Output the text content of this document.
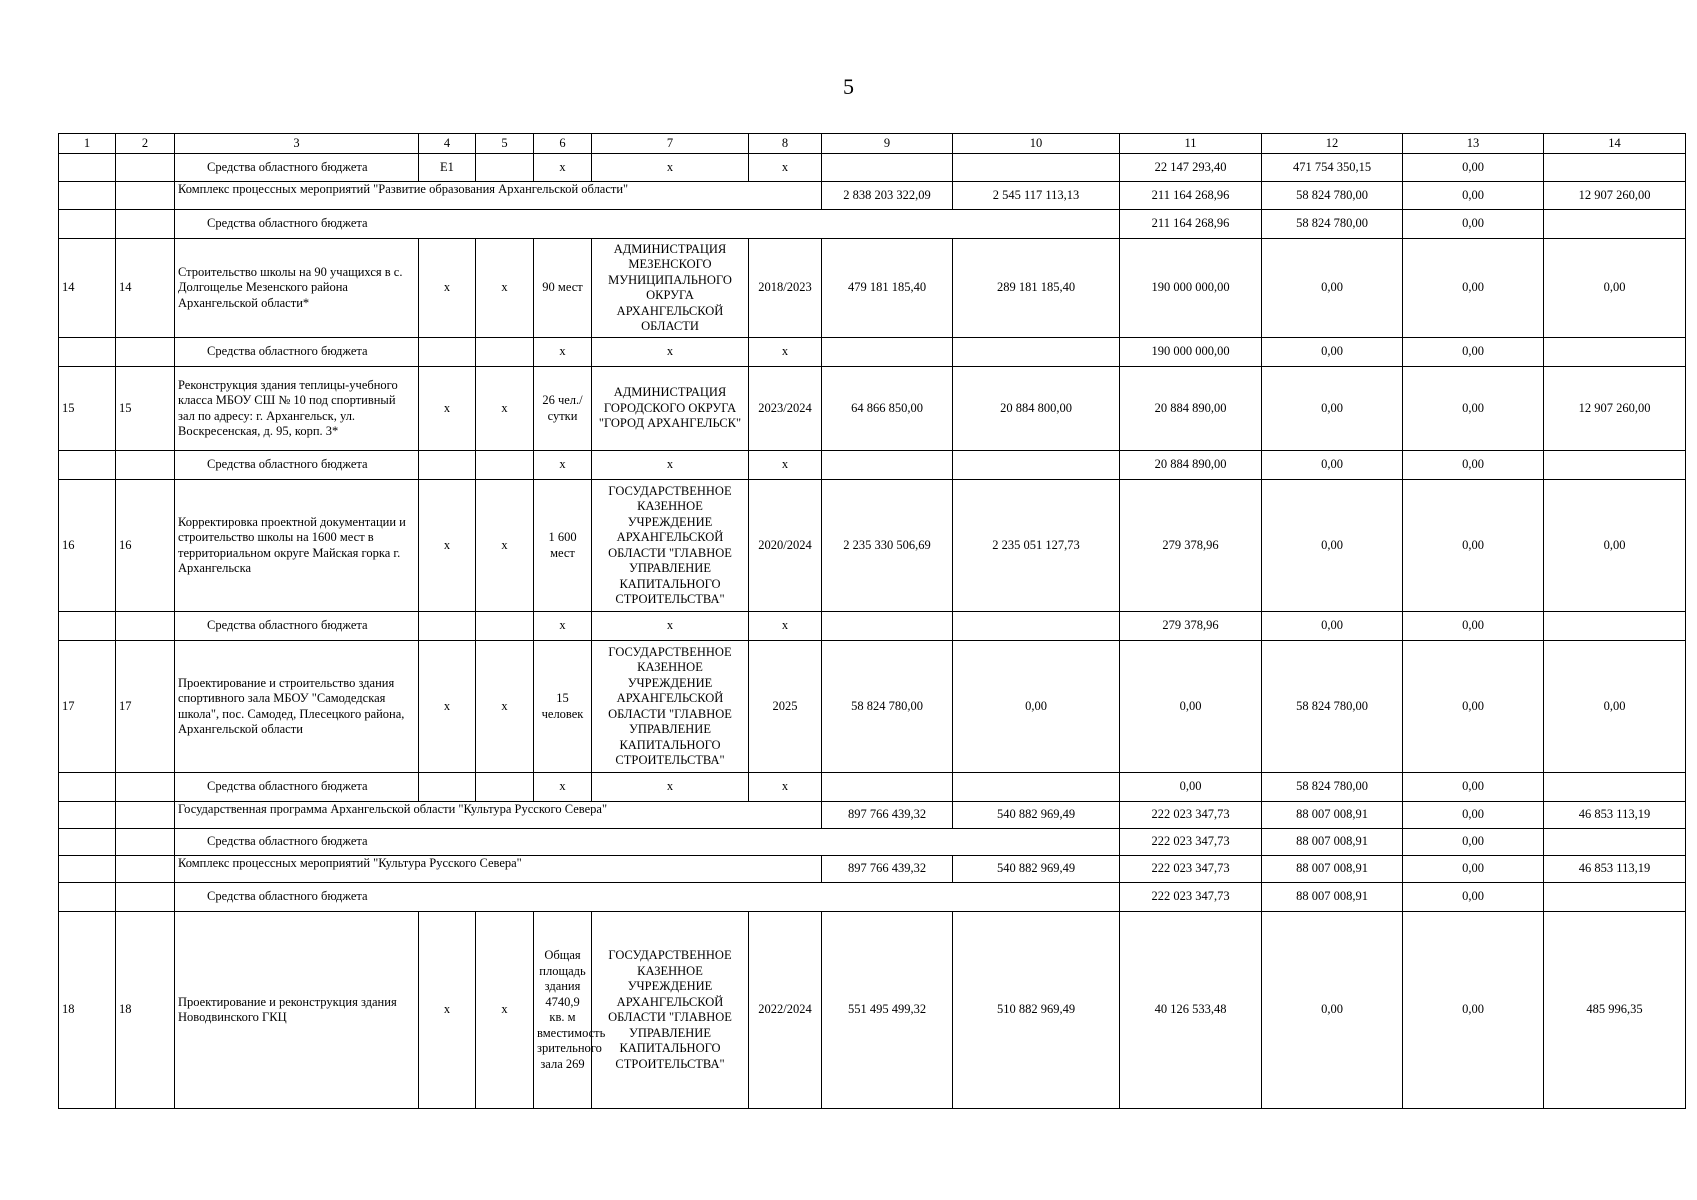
5
1	2	3	4	5	6	7	8	9	10	11	12	13	14
		Средства областного бюджета	Е1		x	x	x			22 147 293,40	471 754 350,15	0,00	
		Комплекс процессных мероприятий "Развитие образования Архангельской области"						2 838 203 322,09	2 545 117 113,13	211 164 268,96	58 824 780,00	0,00	12 907 260,00
		Средства областного бюджета								211 164 268,96	58 824 780,00	0,00	
14	14	Строительство школы на 90 учащихся в с. Долгощелье Мезенского района Архангельской области*	x	x	90 мест	АДМИНИСТРАЦИЯ МЕЗЕНСКОГО МУНИЦИПАЛЬНОГО ОКРУГА АРХАНГЕЛЬСКОЙ ОБЛАСТИ	2018/2023	479 181 185,40	289 181 185,40	190 000 000,00	0,00	0,00	0,00
		Средства областного бюджета			x	x	x			190 000 000,00	0,00	0,00	
15	15	Реконструкция здания теплицы-учебного класса МБОУ СШ № 10 под спортивный зал по адресу: г. Архангельск, ул. Воскресенская, д. 95, корп. 3*	x	x	26 чел./сутки	АДМИНИСТРАЦИЯ ГОРОДСКОГО ОКРУГА "ГОРОД АРХАНГЕЛЬСК"	2023/2024	64 866 850,00	20 884 800,00	20 884 890,00	0,00	0,00	12 907 260,00
		Средства областного бюджета			x	x	x			20 884 890,00	0,00	0,00	
16	16	Корректировка проектной документации и строительство школы на 1600 мест в территориальном округе Майская горка г. Архангельска	x	x	1 600 мест	ГОСУДАРСТВЕННОЕ КАЗЕННОЕ УЧРЕЖДЕНИЕ АРХАНГЕЛЬСКОЙ ОБЛАСТИ "ГЛАВНОЕ УПРАВЛЕНИЕ КАПИТАЛЬНОГО СТРОИТЕЛЬСТВА"	2020/2024	2 235 330 506,69	2 235 051 127,73	279 378,96	0,00	0,00	0,00
		Средства областного бюджета			x	x	x			279 378,96	0,00	0,00	
17	17	Проектирование и строительство здания спортивного зала МБОУ "Самодедская школа", пос. Самодед, Плесецкого района, Архангельской области	x	x	15 человек	ГОСУДАРСТВЕННОЕ КАЗЕННОЕ УЧРЕЖДЕНИЕ АРХАНГЕЛЬСКОЙ ОБЛАСТИ "ГЛАВНОЕ УПРАВЛЕНИЕ КАПИТАЛЬНОГО СТРОИТЕЛЬСТВА"	2025	58 824 780,00	0,00	0,00	58 824 780,00	0,00	0,00
		Средства областного бюджета			x	x	x			0,00	58 824 780,00	0,00	
		Государственная программа Архангельской области "Культура Русского Севера"						897 766 439,32	540 882 969,49	222 023 347,73	88 007 008,91	0,00	46 853 113,19
		Средства областного бюджета								222 023 347,73	88 007 008,91	0,00	
		Комплекс процессных мероприятий "Культура Русского Севера"						897 766 439,32	540 882 969,49	222 023 347,73	88 007 008,91	0,00	46 853 113,19
		Средства областного бюджета								222 023 347,73	88 007 008,91	0,00	
18	18	Проектирование и реконструкция здания Новодвинского ГКЦ	x	x	Общая площадь здания 4740,9 кв. м вместимость зрительного зала 269	ГОСУДАРСТВЕННОЕ КАЗЕННОЕ УЧРЕЖДЕНИЕ АРХАНГЕЛЬСКОЙ ОБЛАСТИ "ГЛАВНОЕ УПРАВЛЕНИЕ КАПИТАЛЬНОГО СТРОИТЕЛЬСТВА"	2022/2024	551 495 499,32	510 882 969,49	40 126 533,48	0,00	0,00	485 996,35
